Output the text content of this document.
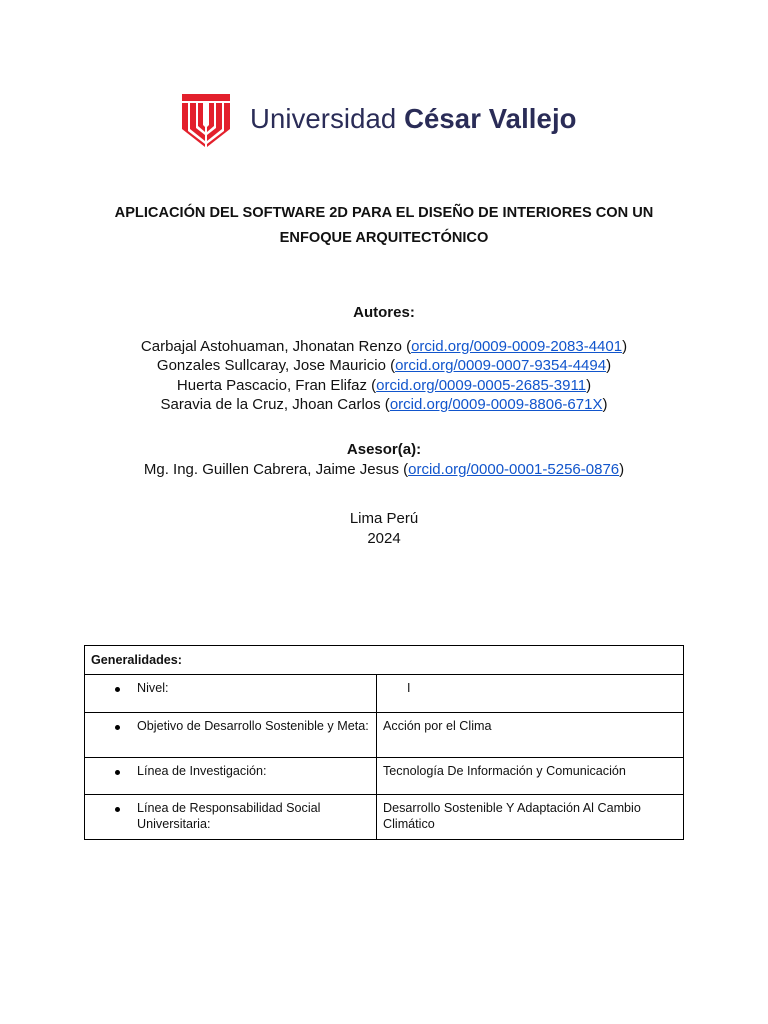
Universidad César Vallejo
APLICACIÓN DEL SOFTWARE 2D PARA EL DISEÑO DE INTERIORES CON UN
ENFOQUE ARQUITECTÓNICO
Autores:
Carbajal Astohuaman, Jhonatan Renzo (orcid.org/0009-0009-2083-4401)
Gonzales Sullcaray, Jose Mauricio (orcid.org/0009-0007-9354-4494)
Huerta Pascacio, Fran Elifaz (orcid.org/0009-0005-2685-3911)
Saravia de la Cruz, Jhoan Carlos (orcid.org/0009-0009-8806-671X)
Asesor(a):
Mg. Ing. Guillen Cabrera, Jaime Jesus (orcid.org/0000-0001-5256-0876)
Lima Perú
2024
Generalidades:	

Nivel:	I

Objetivo de Desarrollo Sostenible y Meta:	Acción por el Clima

Línea de Investigación:	Tecnología De Información y Comunicación

Línea de Responsabilidad Social Universitaria:	Desarrollo Sostenible Y Adaptación Al Cambio Climático
